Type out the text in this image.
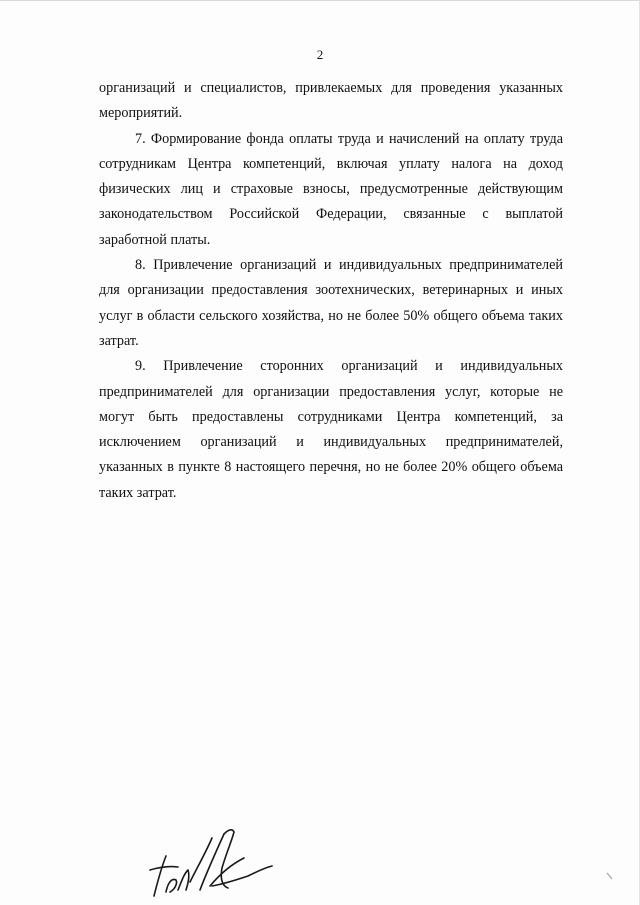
2

организаций и специалистов, привлекаемых для проведения указанных мероприятий.

7. Формирование фонда оплаты труда и начислений на оплату труда сотрудникам Центра компетенций, включая уплату налога на доход физических лиц и страховые взносы, предусмотренные действующим законодательством Российской Федерации, связанные с выплатой заработной платы.

8. Привлечение организаций и индивидуальных предпринимателей для организации предоставления зоотехнических, ветеринарных и иных услуг в области сельского хозяйства, но не более 50% общего объема таких затрат.

9. Привлечение сторонних организаций и индивидуальных предпринимателей для организации предоставления услуг, которые не могут быть предоставлены сотрудниками Центра компетенций, за исключением организаций и индивидуальных предпринимателей, указанных в пункте 8 настоящего перечня, но не более 20% общего объема таких затрат.
